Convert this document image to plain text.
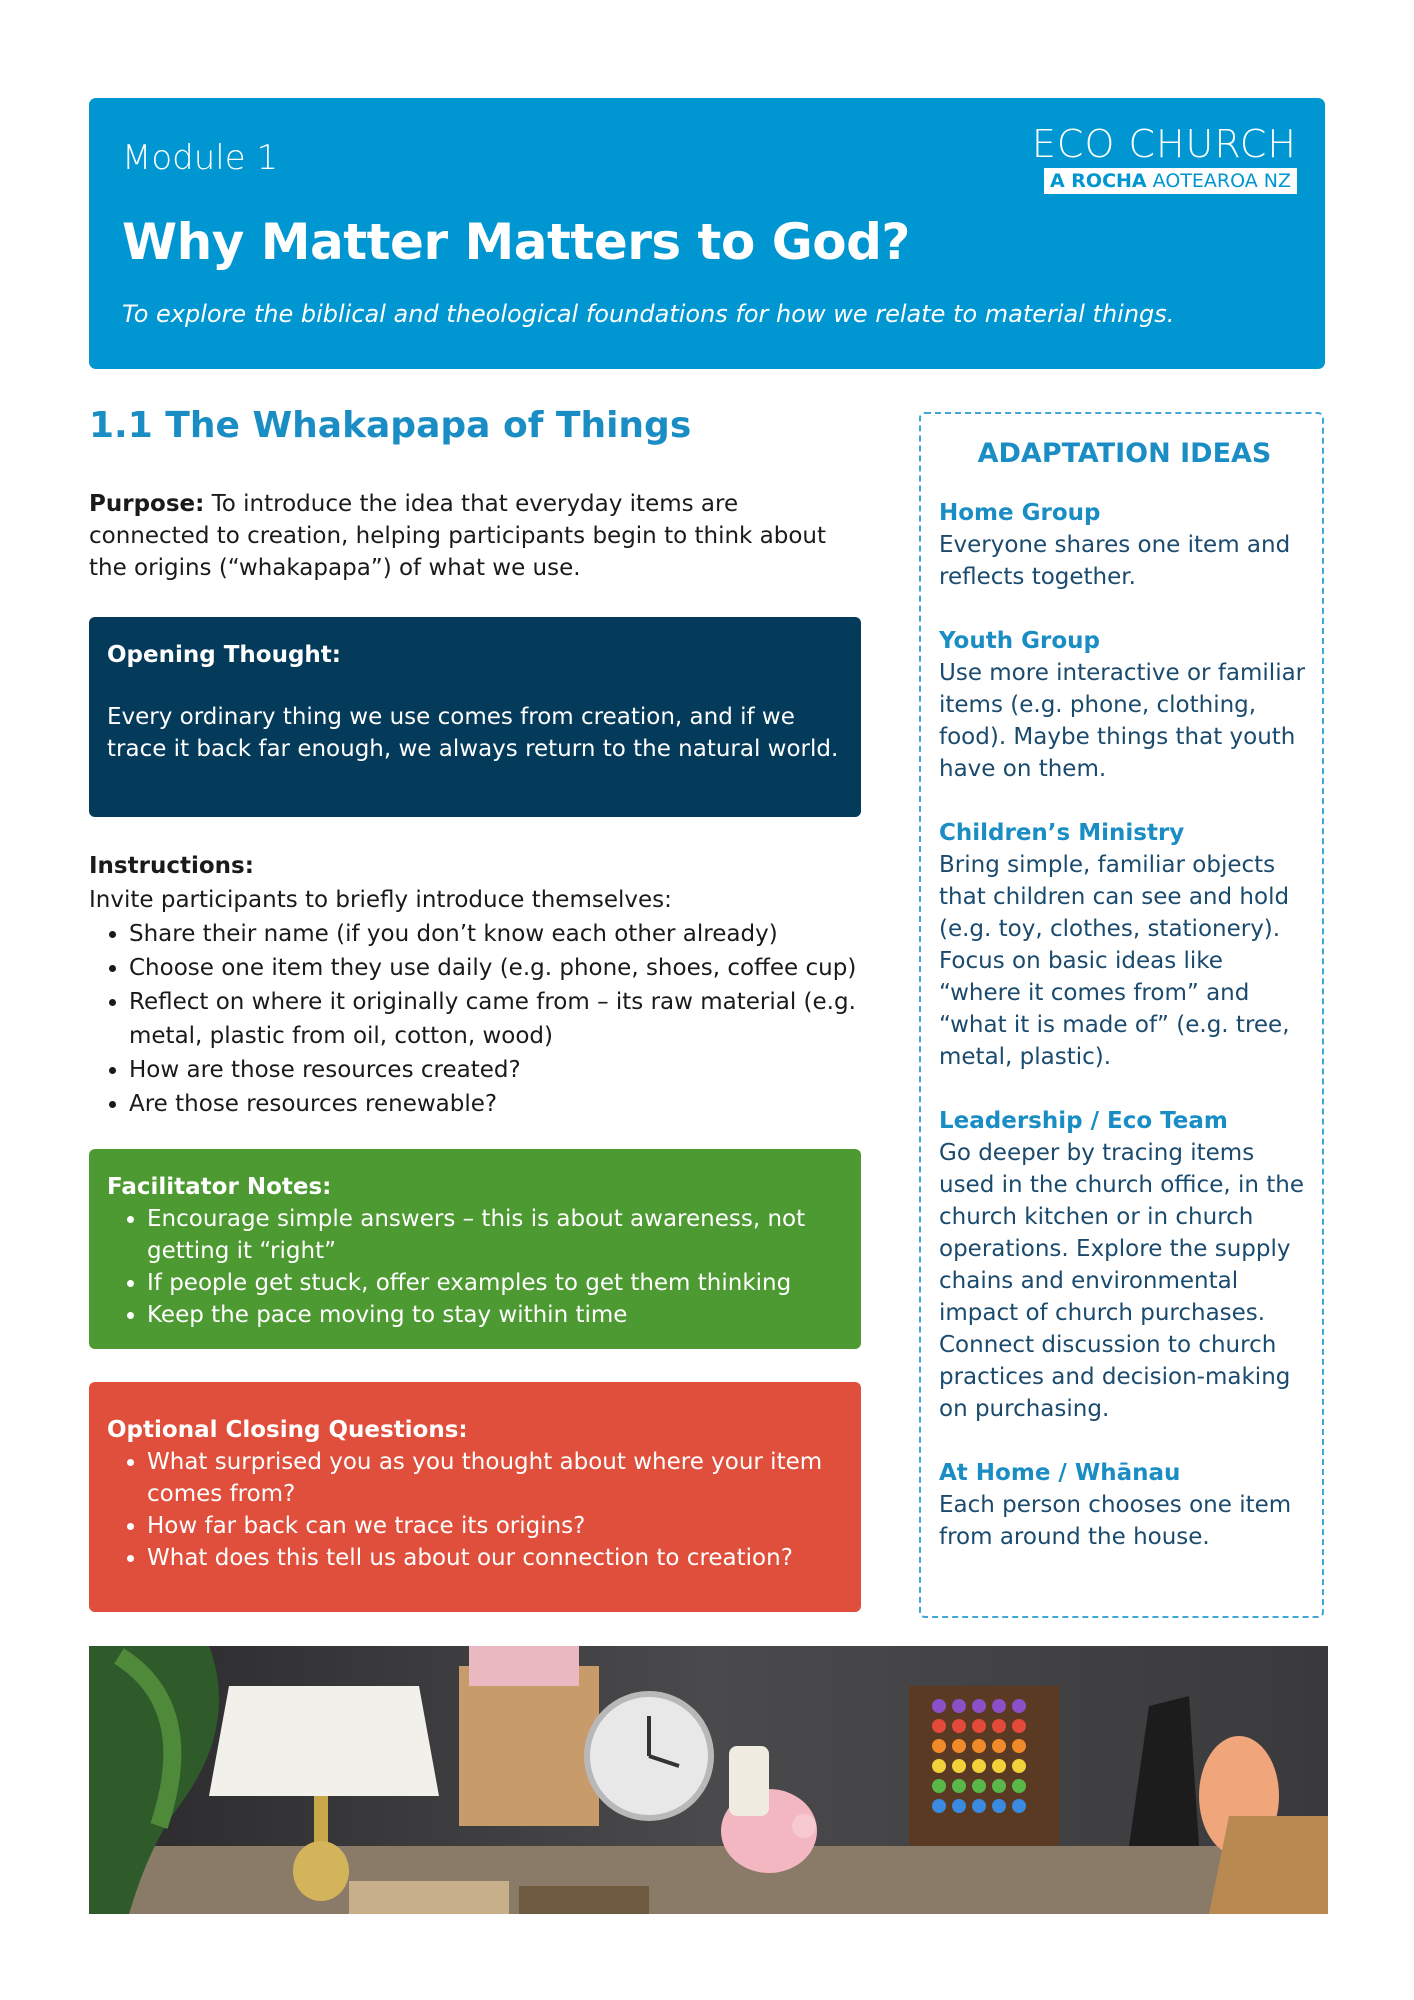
Module 1
Why Matter Matters to God?
To explore the biblical and theological foundations for how we relate to material things.
ECO CHURCH
A ROCHA AOTEAROA NZ
1.1 The Whakapapa of Things

Purpose: To introduce the idea that everyday items are connected to creation, helping participants begin to think about the origins (“whakapapa”) of what we use.

Opening Thought:

Every ordinary thing we use comes from creation, and if we trace it back far enough, we always return to the natural world.

Instructions:
Invite participants to briefly introduce themselves:
• Share their name (if you don’t know each other already)
• Choose one item they use daily (e.g. phone, shoes, coffee cup)
• Reflect on where it originally came from – its raw material (e.g. metal, plastic from oil, cotton, wood)
• How are those resources created?
• Are those resources renewable?
Facilitator Notes:
• Encourage simple answers – this is about awareness, not getting it “right”
• If people get stuck, offer examples to get them thinking
• Keep the pace moving to stay within time
Optional Closing Questions:
• What surprised you as you thought about where your item comes from?
• How far back can we trace its origins?
• What does this tell us about our connection to creation?
ADAPTATION IDEAS
Home Group
Everyone shares one item and reflects together.
Youth Group
Use more interactive or familiar items (e.g. phone, clothing, food). Maybe things that youth have on them.
Children’s Ministry
Bring simple, familiar objects that children can see and hold (e.g. toy, clothes, stationery). Focus on basic ideas like “where it comes from” and “what it is made of” (e.g. tree, metal, plastic).
Leadership / Eco Team
Go deeper by tracing items used in the church office, in the church kitchen or in church operations. Explore the supply chains and environmental impact of church purchases. Connect discussion to church practices and decision-making on purchasing.
At Home / Whānau
Each person chooses one item from around the house.
